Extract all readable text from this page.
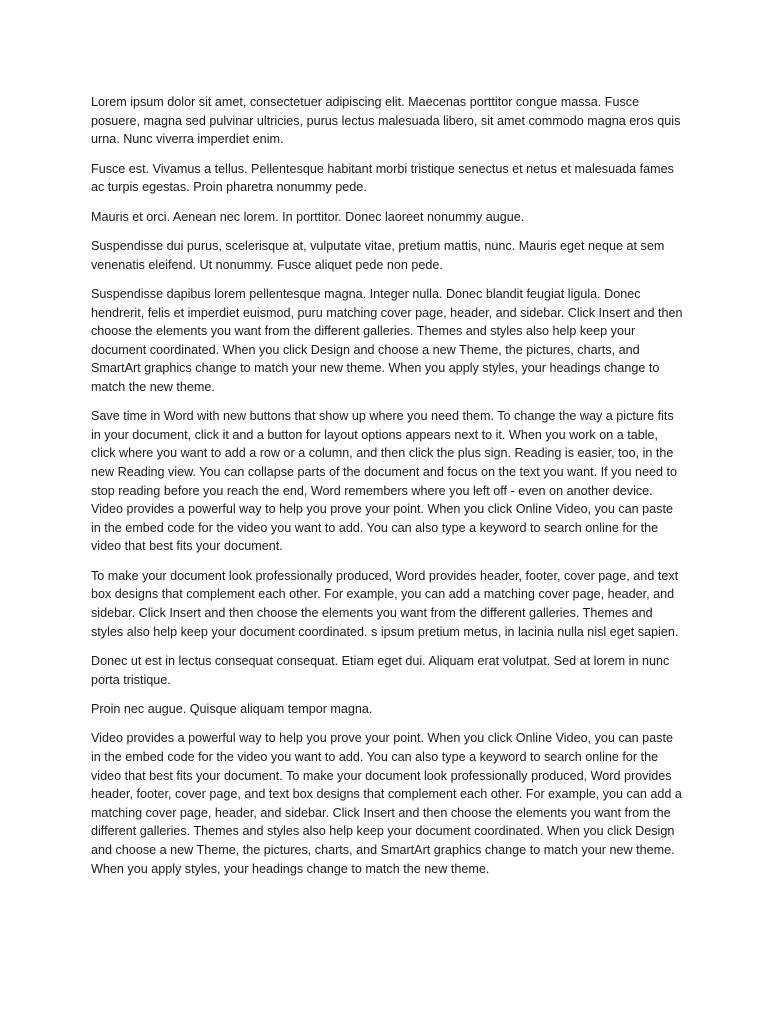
Lorem ipsum dolor sit amet, consectetuer adipiscing elit. Maecenas porttitor congue massa. Fusce posuere, magna sed pulvinar ultricies, purus lectus malesuada libero, sit amet commodo magna eros quis urna. Nunc viverra imperdiet enim.

Fusce est. Vivamus a tellus. Pellentesque habitant morbi tristique senectus et netus et malesuada fames ac turpis egestas. Proin pharetra nonummy pede.

Mauris et orci. Aenean nec lorem. In porttitor. Donec laoreet nonummy augue.

Suspendisse dui purus, scelerisque at, vulputate vitae, pretium mattis, nunc. Mauris eget neque at sem venenatis eleifend. Ut nonummy. Fusce aliquet pede non pede.

Suspendisse dapibus lorem pellentesque magna. Integer nulla. Donec blandit feugiat ligula. Donec hendrerit, felis et imperdiet euismod, puru matching cover page, header, and sidebar. Click Insert and then choose the elements you want from the different galleries. Themes and styles also help keep your document coordinated. When you click Design and choose a new Theme, the pictures, charts, and SmartArt graphics change to match your new theme. When you apply styles, your headings change to match the new theme.

Save time in Word with new buttons that show up where you need them. To change the way a picture fits in your document, click it and a button for layout options appears next to it. When you work on a table, click where you want to add a row or a column, and then click the plus sign. Reading is easier, too, in the new Reading view. You can collapse parts of the document and focus on the text you want. If you need to stop reading before you reach the end, Word remembers where you left off - even on another device. Video provides a powerful way to help you prove your point. When you click Online Video, you can paste in the embed code for the video you want to add. You can also type a keyword to search online for the video that best fits your document.

To make your document look professionally produced, Word provides header, footer, cover page, and text box designs that complement each other. For example, you can add a matching cover page, header, and sidebar. Click Insert and then choose the elements you want from the different galleries. Themes and styles also help keep your document coordinated. s ipsum pretium metus, in lacinia nulla nisl eget sapien.

Donec ut est in lectus consequat consequat. Etiam eget dui. Aliquam erat volutpat. Sed at lorem in nunc porta tristique.

Proin nec augue. Quisque aliquam tempor magna.

Video provides a powerful way to help you prove your point. When you click Online Video, you can paste in the embed code for the video you want to add. You can also type a keyword to search online for the video that best fits your document. To make your document look professionally produced, Word provides header, footer, cover page, and text box designs that complement each other. For example, you can add a matching cover page, header, and sidebar. Click Insert and then choose the elements you want from the different galleries. Themes and styles also help keep your document coordinated. When you click Design and choose a new Theme, the pictures, charts, and SmartArt graphics change to match your new theme. When you apply styles, your headings change to match the new theme.
